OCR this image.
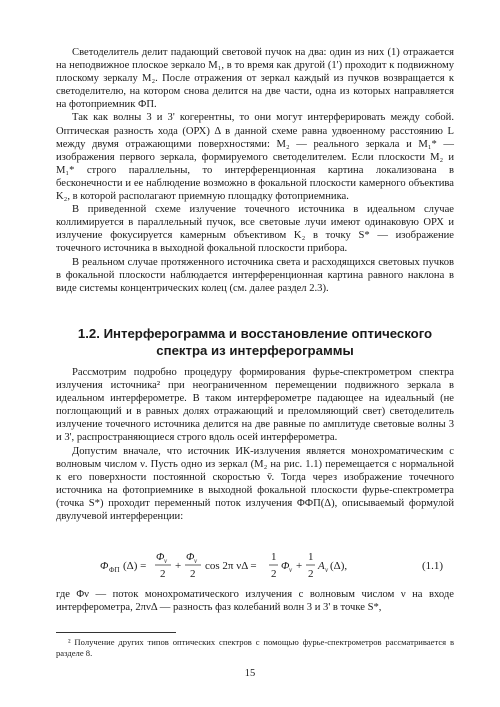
Светоделитель делит падающий световой пучок на два: один из них (1) отражается на неподвижное плоское зеркало M₁, в то время как другой (1') проходит к подвижному плоскому зеркалу M₂. После отражения от зеркал каждый из пучков возвращается к светоделителю, на котором снова делится на две части, одна из которых направляется на фотоприемник ФП.

Так как волны 3 и 3' когерентны, то они могут интерферировать между собой. Оптическая разность хода (ОРХ) Δ в данной схеме равна удвоенному расстоянию L между двумя отражающими поверхностями: M₂ — реального зеркала и M₁* — изображения первого зеркала, формируемого светоделителем. Если плоскости M₂ и M₁* строго параллельны, то интерференционная картина локализована в бесконечности и ее наблюдение возможно в фокальной плоскости камерного объектива K₂, в которой располагают приемную площадку фотоприемника.

В приведенной схеме излучение точечного источника в идеальном случае коллимируется в параллельный пучок, все световые лучи имеют одинаковую ОРХ и излучение фокусируется камерным объективом K₂ в точку S* — изображение точечного источника в выходной фокальной плоскости прибора.

В реальном случае протяженного источника света и расходящихся световых пучков в фокальной плоскости наблюдается интерференционная картина равного наклона в виде системы концентрических колец (см. далее раздел 2.3).

1.2. Интерферограмма и восстановление оптического спектра из интерферограммы

Рассмотрим подробно процедуру формирования фурье-спектрометром спектра излучения источника² при неограниченном перемещении подвижного зеркала в идеальном интерферометре. В таком интерферометре падающее на идеальный (не поглощающий и в равных долях отражающий и преломляющий свет) светоделитель излучение точечного источника делится на две равные по амплитуде световые волны 3 и 3', распространяющиеся строго вдоль осей интерферометра.

Допустим вначале, что источник ИК-излучения является монохроматическим с волновым числом ν. Пусть одно из зеркал (M₂ на рис. 1.1) перемещается с нормальной к его поверхности постоянной скоростью v̄. Тогда через изображение точечного источника на фотоприемнике в выходной фокальной плоскости фурье-спектрометра (точка S*) проходит переменный поток излучения ΦФП(Δ), описываемый формулой двулучевой интерференции:

Φ ФП (Δ) =
Φ ν
2
+
Φ ν
2
cos 2π νΔ =
1
2
Φ ν +
1
2
A ν (Δ),	(1.1)

где Φν — поток монохроматического излучения с волновым числом ν на входе интерферометра, 2πνΔ — разность фаз колебаний волн 3 и 3' в точке S*,

² Получение других типов оптических спектров с помощью фурье-спектрометров рассматривается в разделе 8.
15
